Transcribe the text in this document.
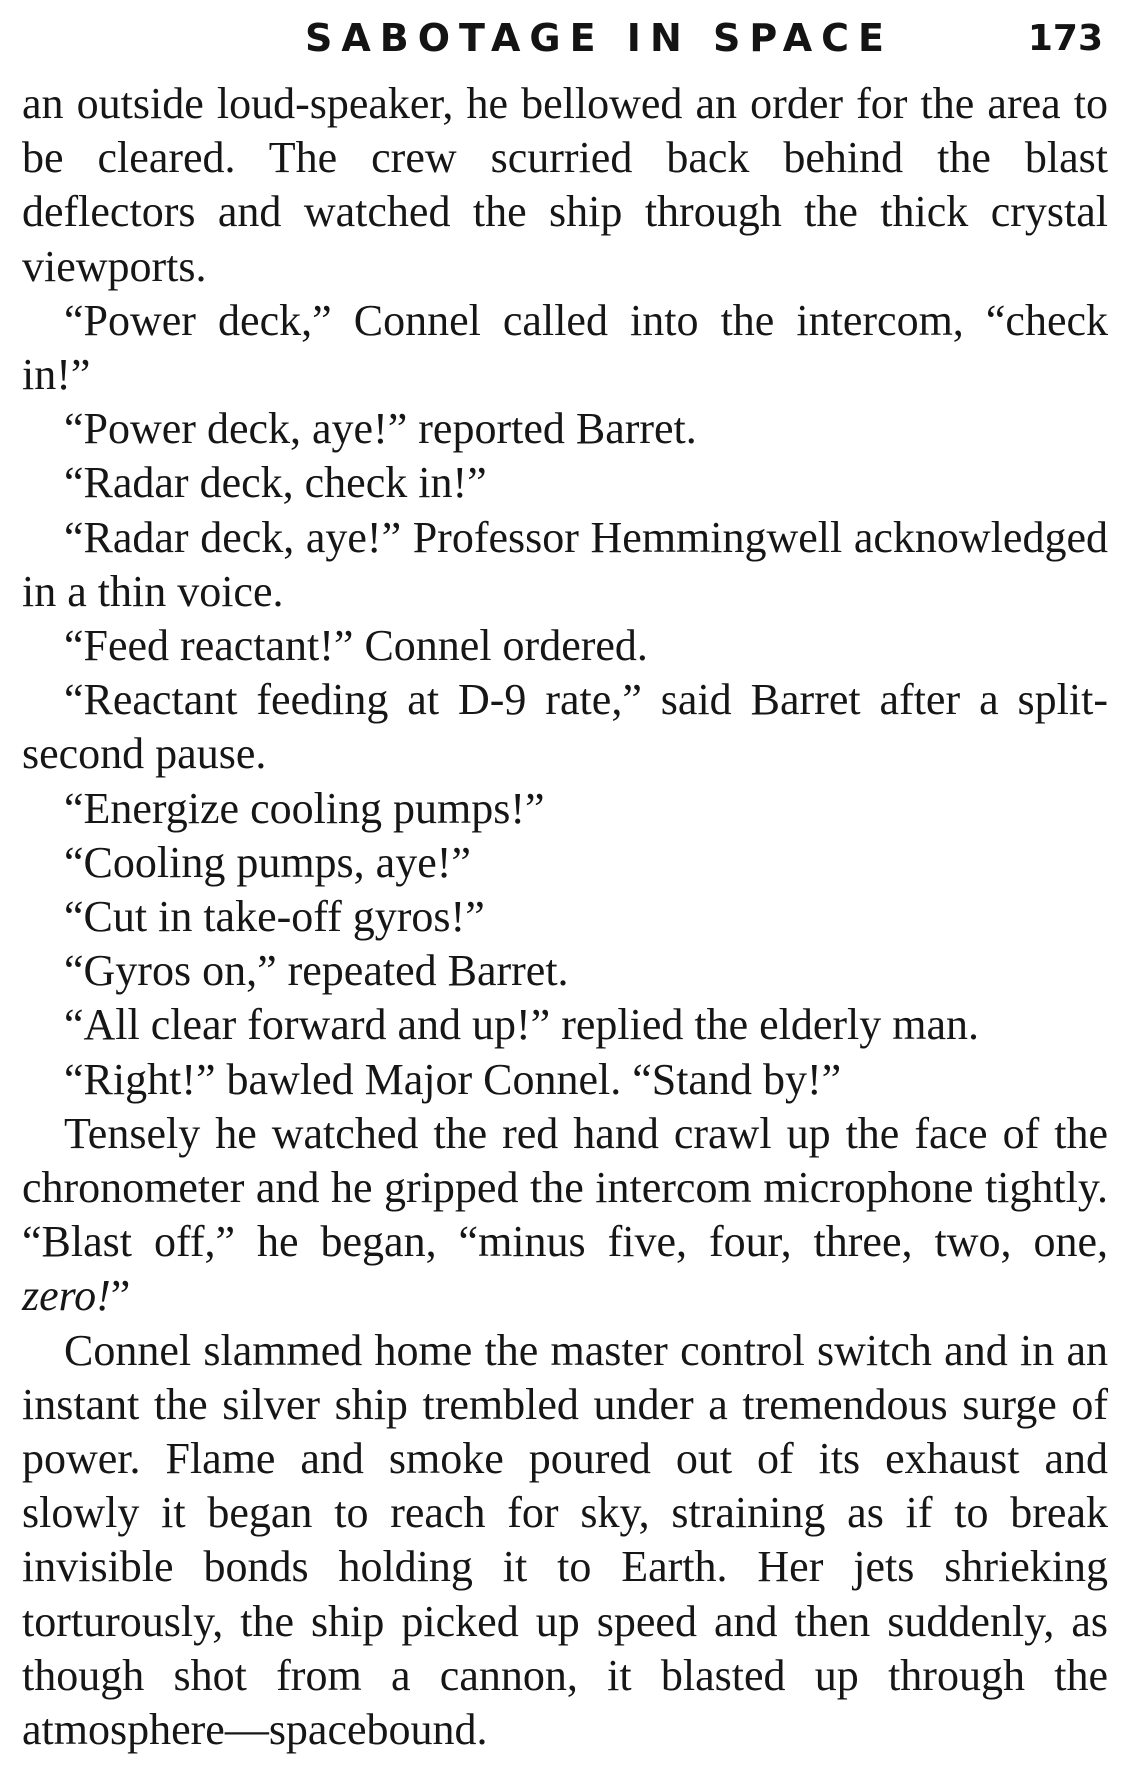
SABOTAGE IN SPACE	173

an outside loud-speaker, he bellowed an order for the area to be cleared. The crew scurried back behind the blast deflectors and watched the ship through the thick crystal viewports.

“Power deck,” Connel called into the intercom, “check in!”

“Power deck, aye!” reported Barret.

“Radar deck, check in!”

“Radar deck, aye!” Professor Hemmingwell acknowledged in a thin voice.

“Feed reactant!” Connel ordered.

“Reactant feeding at D-9 rate,” said Barret after a split-second pause.

“Energize cooling pumps!”

“Cooling pumps, aye!”

“Cut in take-off gyros!”

“Gyros on,” repeated Barret.

“All clear forward and up!” replied the elderly man.

“Right!” bawled Major Connel. “Stand by!”

Tensely he watched the red hand crawl up the face of the chronometer and he gripped the intercom microphone tightly. “Blast off,” he began, “minus five, four, three, two, one, zero!”

Connel slammed home the master control switch and in an instant the silver ship trembled under a tremendous surge of power. Flame and smoke poured out of its exhaust and slowly it began to reach for sky, straining as if to break invisible bonds holding it to Earth. Her jets shrieking torturously, the ship picked up speed and then suddenly, as though shot from a cannon, it blasted up through the atmosphere—spacebound.
